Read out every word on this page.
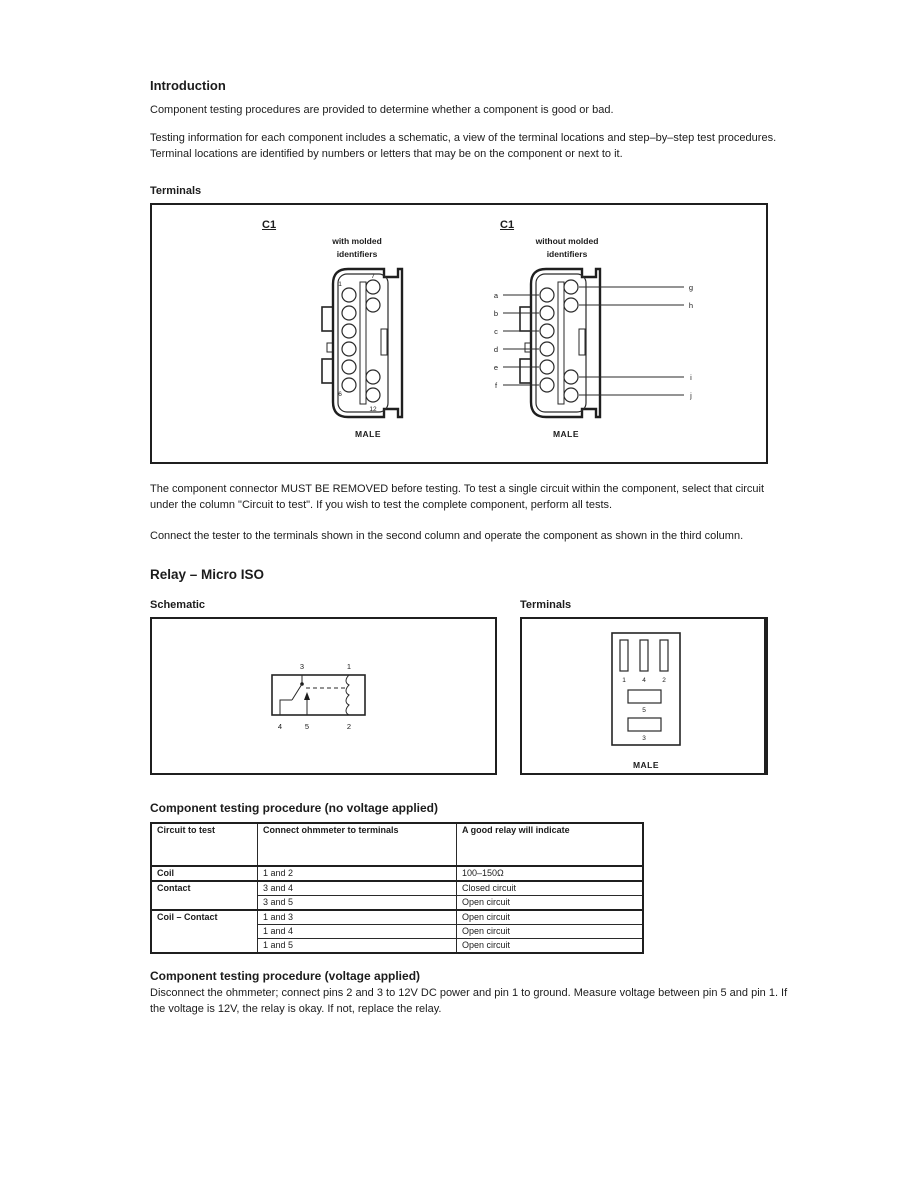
Introduction
Component testing procedures are provided to determine whether a component is good or bad.
Testing information for each component includes a schematic, a view of the terminal locations and step–by–step test procedures. Terminal locations are identified by numbers or letters that may be on the component or next to it.
Terminals
C1
with molded
identifiers
1
7
6
12
MALE
C1
without molded
identifiers
a
b
c
d
e
f
g
h
i
j
MALE
The component connector MUST BE REMOVED before testing. To test a single circuit within the component, select that circuit under the column "Circuit to test". If you wish to test the complete component, perform all tests.
Connect the tester to the terminals shown in the second column and operate the component as shown in the third column.
Relay – Micro ISO
Schematic	Terminals
3	1
4	5	2
1	4	2
5
3
MALE
Component testing procedure (no voltage applied)
Circuit to test	Connect ohmmeter to terminals	A good relay will indicate
Coil	1 and 2	100–150Ω
Contact	3 and 4	Closed circuit
	3 and 5	Open circuit
Coil – Contact	1 and 3	Open circuit
	1 and 4	Open circuit
	1 and 5	Open circuit
Component testing procedure (voltage applied)
Disconnect the ohmmeter; connect pins 2 and 3 to 12V DC power and pin 1 to ground. Measure voltage between pin 5 and pin 1. If the voltage is 12V, the relay is okay. If not, replace the relay.
